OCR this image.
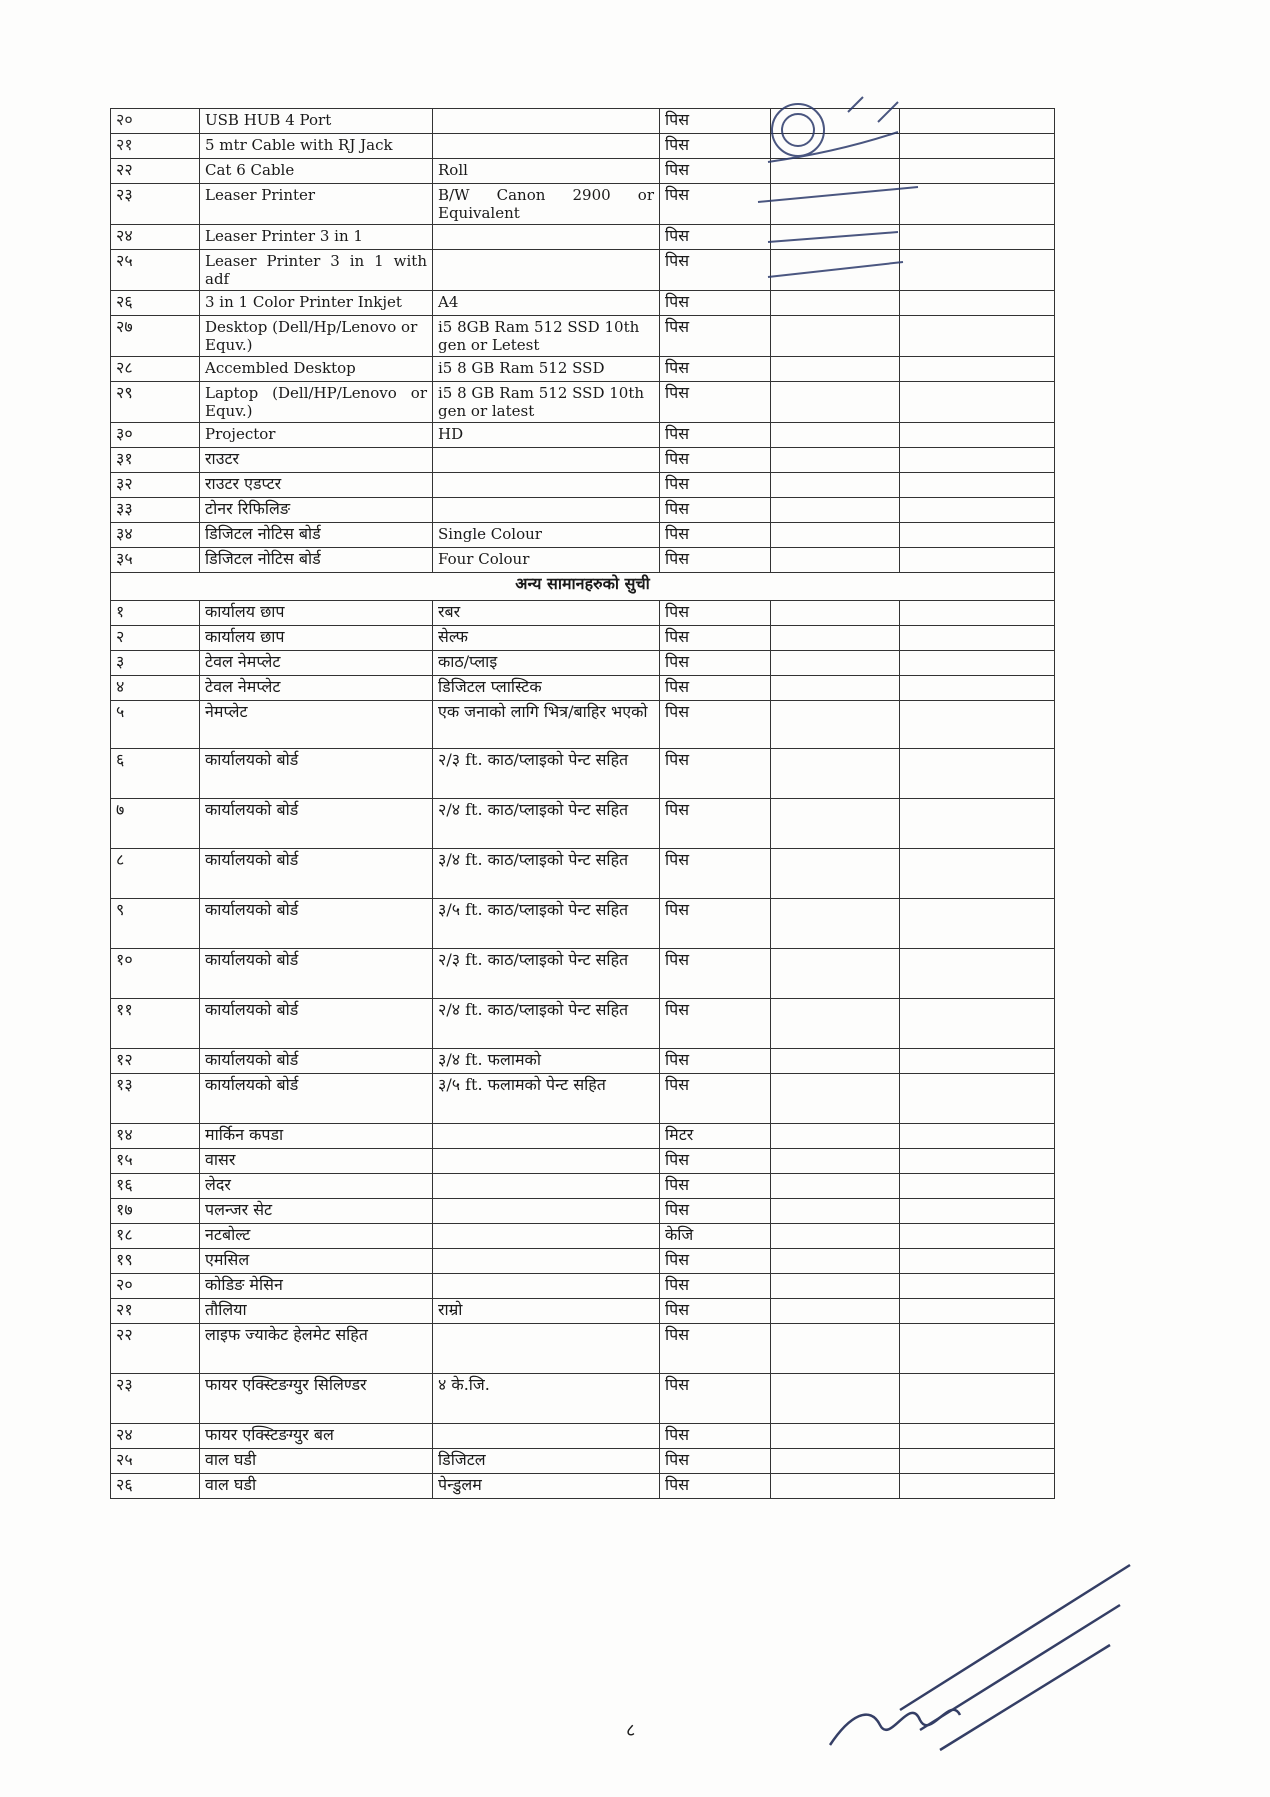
२०	USB HUB 4 Port		पिस		
२१	5 mtr Cable with RJ Jack		पिस		
२२	Cat 6 Cable	Roll	पिस		
२३	Leaser Printer	B/W Canon 2900 or Equivalent	पिस		
२४	Leaser Printer 3 in 1		पिस		
२५	Leaser Printer 3 in 1 with adf		पिस		
२६	3 in 1 Color Printer Inkjet	A4	पिस		
२७	Desktop (Dell/Hp/Lenovo or Equv.)	i5 8GB Ram 512 SSD 10th gen or Letest	पिस		
२८	Accembled Desktop	i5 8 GB Ram 512 SSD	पिस		
२९	Laptop (Dell/HP/Lenovo or Equv.)	i5 8 GB Ram 512 SSD 10th gen or latest	पिस		
३०	Projector	HD	पिस		
३१	राउटर		पिस		
३२	राउटर एडप्टर		पिस		
३३	टोनर रिफिलिङ		पिस		
३४	डिजिटल नोटिस बोर्ड	Single Colour	पिस		
३५	डिजिटल नोटिस बोर्ड	Four Colour	पिस		
अन्य सामानहरुको सुची					
१	कार्यालय छाप	रबर	पिस		
२	कार्यालय छाप	सेल्फ	पिस		
३	टेवल नेमप्लेट	काठ/प्लाइ	पिस		
४	टेवल नेमप्लेट	डिजिटल प्लास्टिक	पिस		
५	नेमप्लेट	एक जनाको लागि भित्र/बाहिर भएको	पिस		
६	कार्यालयको बोर्ड	२/३ ft. काठ/प्लाइको पेन्ट सहित	पिस		
७	कार्यालयको बोर्ड	२/४ ft. काठ/प्लाइको पेन्ट सहित	पिस		
८	कार्यालयको बोर्ड	३/४ ft. काठ/प्लाइको पेन्ट सहित	पिस		
९	कार्यालयको बोर्ड	३/५ ft. काठ/प्लाइको पेन्ट सहित	पिस		
१०	कार्यालयको बोर्ड	२/३ ft. काठ/प्लाइको पेन्ट सहित	पिस		
११	कार्यालयको बोर्ड	२/४ ft. काठ/प्लाइको पेन्ट सहित	पिस		
१२	कार्यालयको बोर्ड	३/४ ft. फलामको	पिस		
१३	कार्यालयको बोर्ड	३/५ ft. फलामको पेन्ट सहित	पिस		
१४	मार्किन कपडा		मिटर		
१५	वासर		पिस		
१६	लेदर		पिस		
१७	पलन्जर सेट		पिस		
१८	नटबोल्ट		केजि		
१९	एमसिल		पिस		
२०	कोडिङ मेसिन		पिस		
२१	तौलिया	राम्रो	पिस		
२२	लाइफ ज्याकेट हेलमेट सहित		पिस		
२३	फायर एक्स्टिङग्युर सिलिण्डर	४ के.जि.	पिस		
२४	फायर एक्स्टिङग्युर बल		पिस		
२५	वाल घडी	डिजिटल	पिस		
२६	वाल घडी	पेन्डुलम	पिस		
८
